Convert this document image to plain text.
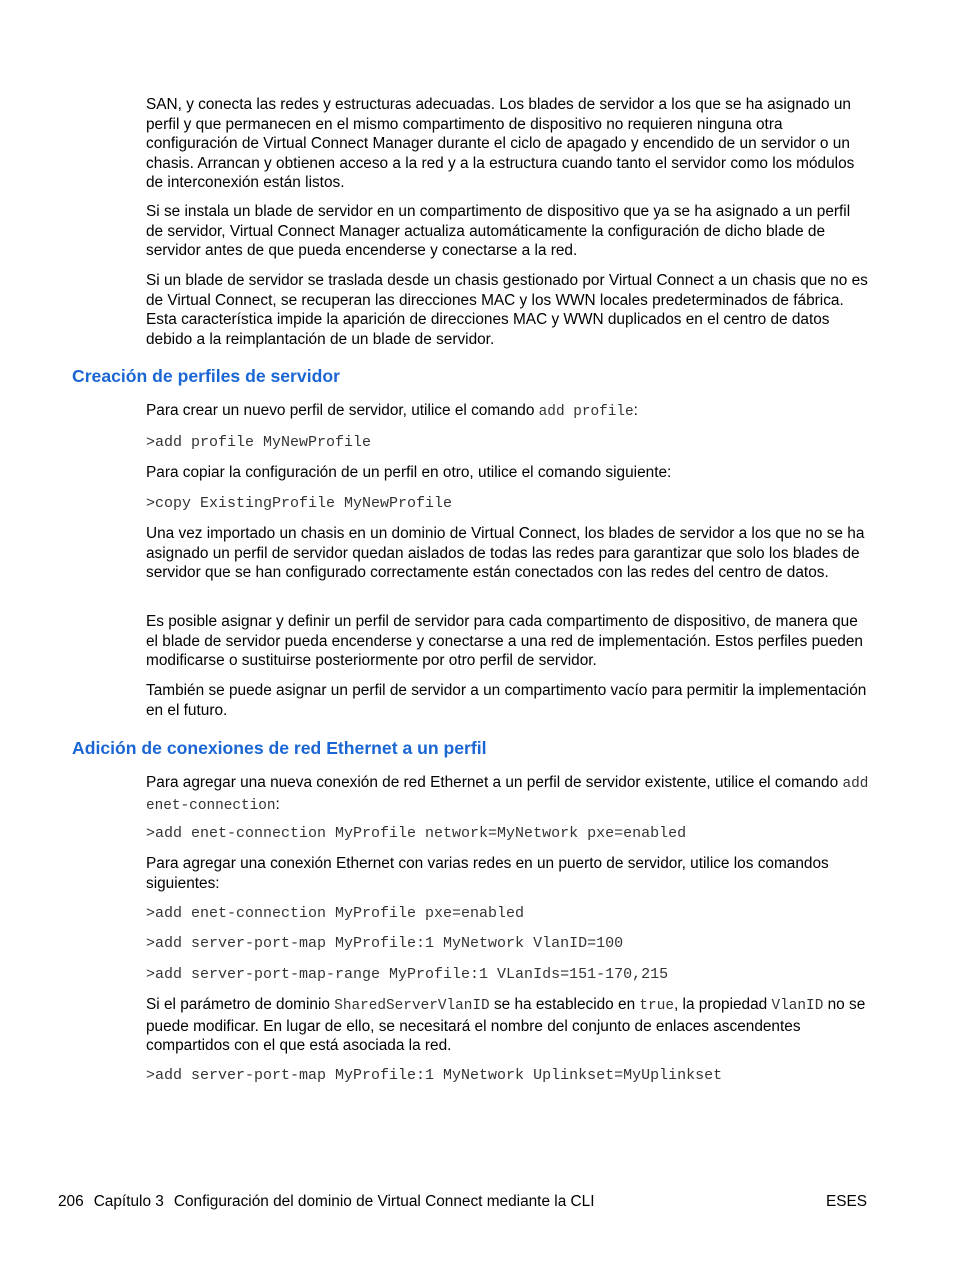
SAN, y conecta las redes y estructuras adecuadas. Los blades de servidor a los que se ha asignado un perfil y que permanecen en el mismo compartimento de dispositivo no requieren ninguna otra configuración de Virtual Connect Manager durante el ciclo de apagado y encendido de un servidor o un chasis. Arrancan y obtienen acceso a la red y a la estructura cuando tanto el servidor como los módulos de interconexión están listos.

Si se instala un blade de servidor en un compartimento de dispositivo que ya se ha asignado a un perfil de servidor, Virtual Connect Manager actualiza automáticamente la configuración de dicho blade de servidor antes de que pueda encenderse y conectarse a la red.

Si un blade de servidor se traslada desde un chasis gestionado por Virtual Connect a un chasis que no es de Virtual Connect, se recuperan las direcciones MAC y los WWN locales predeterminados de fábrica. Esta característica impide la aparición de direcciones MAC y WWN duplicados en el centro de datos debido a la reimplantación de un blade de servidor.

Creación de perfiles de servidor

Para crear un nuevo perfil de servidor, utilice el comando add profile:

>add profile MyNewProfile

Para copiar la configuración de un perfil en otro, utilice el comando siguiente:

>copy ExistingProfile MyNewProfile

Una vez importado un chasis en un dominio de Virtual Connect, los blades de servidor a los que no se ha asignado un perfil de servidor quedan aislados de todas las redes para garantizar que solo los blades de servidor que se han configurado correctamente están conectados con las redes del centro de datos.

Es posible asignar y definir un perfil de servidor para cada compartimento de dispositivo, de manera que el blade de servidor pueda encenderse y conectarse a una red de implementación. Estos perfiles pueden modificarse o sustituirse posteriormente por otro perfil de servidor.

También se puede asignar un perfil de servidor a un compartimento vacío para permitir la implementación en el futuro.

Adición de conexiones de red Ethernet a un perfil

Para agregar una nueva conexión de red Ethernet a un perfil de servidor existente, utilice el comando add enet-connection:

>add enet-connection MyProfile network=MyNetwork pxe=enabled

Para agregar una conexión Ethernet con varias redes en un puerto de servidor, utilice los comandos siguientes:

>add enet-connection MyProfile pxe=enabled
>add server-port-map MyProfile:1 MyNetwork VlanID=100
>add server-port-map-range MyProfile:1 VLanIds=151-170,215

Si el parámetro de dominio SharedServerVlanID se ha establecido en true, la propiedad VlanID no se puede modificar. En lugar de ello, se necesitará el nombre del conjunto de enlaces ascendentes compartidos con el que está asociada la red.

>add server-port-map MyProfile:1 MyNetwork Uplinkset=MyUplinkset
206 Capítulo 3 Configuración del dominio de Virtual Connect mediante la CLI	ESES
